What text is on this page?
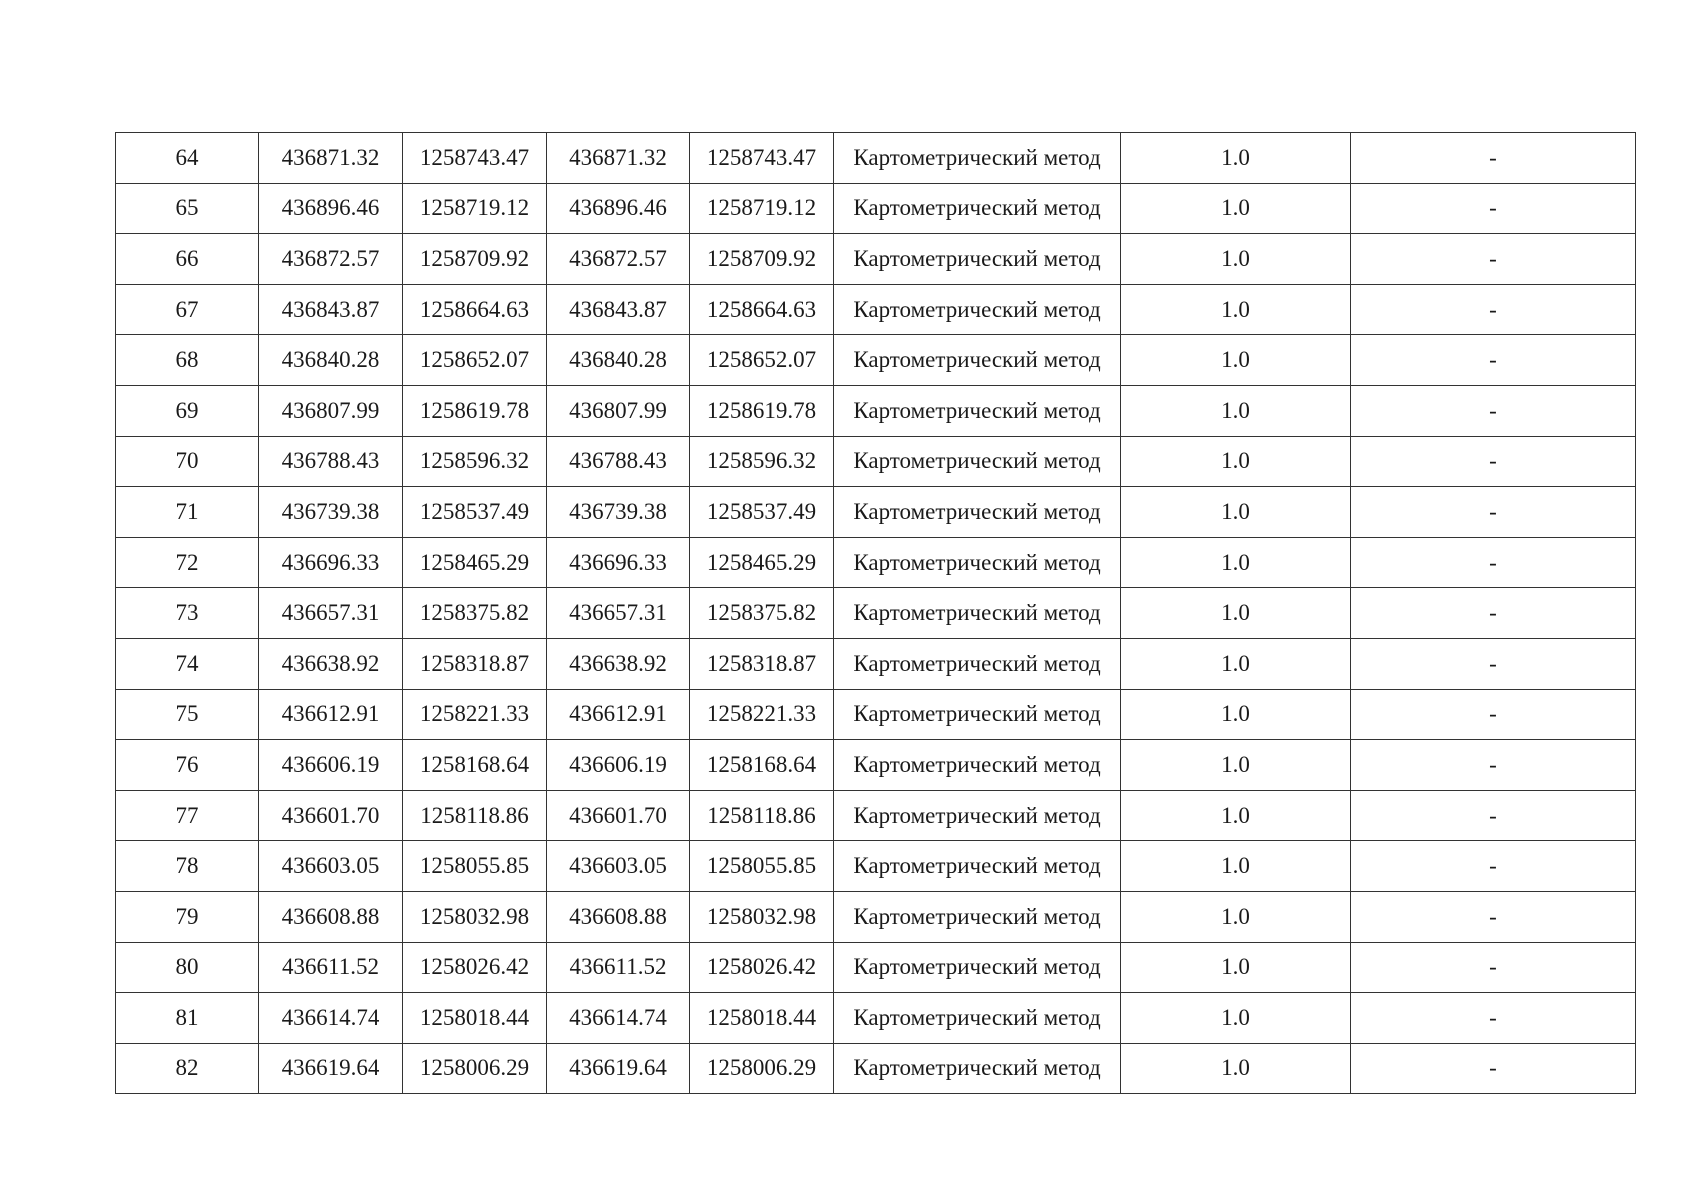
64	436871.32	1258743.47	436871.32	1258743.47	Картометрический метод	1.0	-
65	436896.46	1258719.12	436896.46	1258719.12	Картометрический метод	1.0	-
66	436872.57	1258709.92	436872.57	1258709.92	Картометрический метод	1.0	-
67	436843.87	1258664.63	436843.87	1258664.63	Картометрический метод	1.0	-
68	436840.28	1258652.07	436840.28	1258652.07	Картометрический метод	1.0	-
69	436807.99	1258619.78	436807.99	1258619.78	Картометрический метод	1.0	-
70	436788.43	1258596.32	436788.43	1258596.32	Картометрический метод	1.0	-
71	436739.38	1258537.49	436739.38	1258537.49	Картометрический метод	1.0	-
72	436696.33	1258465.29	436696.33	1258465.29	Картометрический метод	1.0	-
73	436657.31	1258375.82	436657.31	1258375.82	Картометрический метод	1.0	-
74	436638.92	1258318.87	436638.92	1258318.87	Картометрический метод	1.0	-
75	436612.91	1258221.33	436612.91	1258221.33	Картометрический метод	1.0	-
76	436606.19	1258168.64	436606.19	1258168.64	Картометрический метод	1.0	-
77	436601.70	1258118.86	436601.70	1258118.86	Картометрический метод	1.0	-
78	436603.05	1258055.85	436603.05	1258055.85	Картометрический метод	1.0	-
79	436608.88	1258032.98	436608.88	1258032.98	Картометрический метод	1.0	-
80	436611.52	1258026.42	436611.52	1258026.42	Картометрический метод	1.0	-
81	436614.74	1258018.44	436614.74	1258018.44	Картометрический метод	1.0	-
82	436619.64	1258006.29	436619.64	1258006.29	Картометрический метод	1.0	-
